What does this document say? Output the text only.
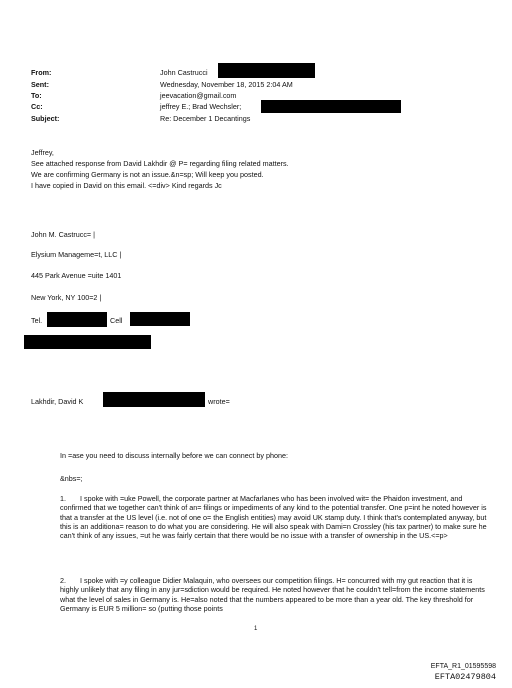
From:	John Castrucci
Sent:	Wednesday, November 18, 2015 2:04 AM
To:	jeevacation@gmail.com
Cc:	jeffrey E.; Brad Wechsler;
Subject:	Re: December 1 Decantings
Jeffrey,
See attached response from David Lakhdir @ P= regarding filing related matters.
We are confirming Germany is not an issue.&n=sp; Will keep you posted.
I have copied in David on this email. <=div> Kind regards Jc
John M. Castrucc= |
Elysium Manageme=t, LLC |
445 Park Avenue =uite 1401
New York, NY 100=2 |
Tel.	Cell
Lakhdir, David K	wrote=
In =ase you need to discuss internally before we can connect by phone:
&nbs=;
1.	I spoke with =uke Powell, the corporate partner at Macfarlanes who has been involved wit= the Phaidon investment, and confirmed that we together can't think of an= filings or impediments of any kind to the potential transfer. One p=int he noted however is that a transfer at the US level (i.e. not of one o= the English entities) may avoid UK stamp duty. I think that's contemplated anyway, but this is an additiona= reason to do what you are considering. He will also speak with Dami=n Crossley (his tax partner) to make sure he can't think of any issues, =ut he was fairly certain that there would be no issue with a transfer of ownership in the US.<=p>
2.	I spoke with =y colleague Didier Malaquin, who oversees our competition filings. H= concurred with my gut reaction that it is highly unlikely that any filing in any jur=sdiction would be required. He noted however that he couldn't tell=from the income statements what the level of sales in Germany is. He=also noted that the numbers appeared to be more than a year old. The key threshold for Germany is EUR 5 million= so (putting those points
1
EFTA_R1_01595598
EFTA02479804
